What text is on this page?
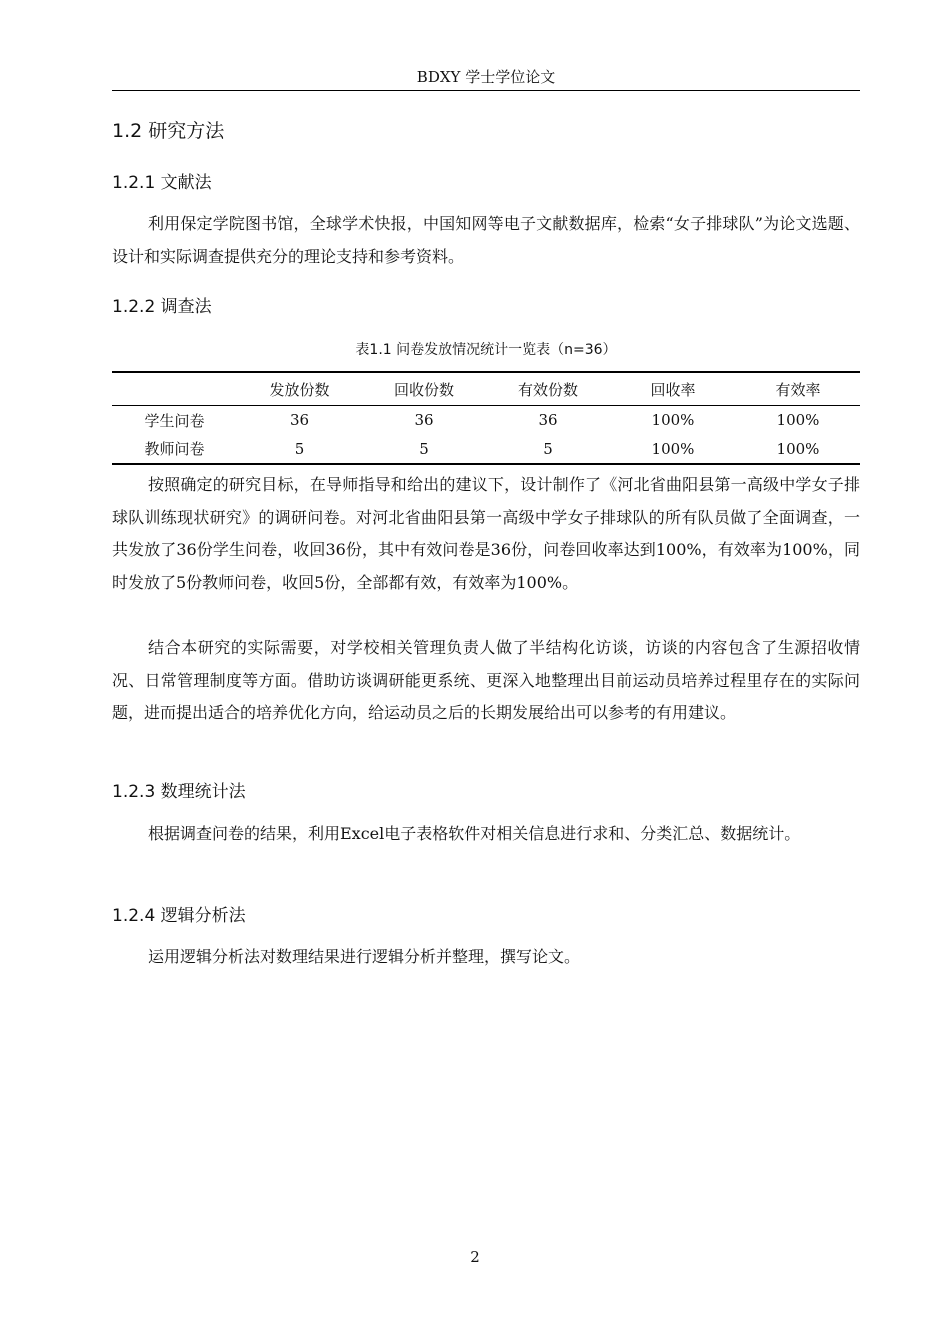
BDXY 学士学位论文
1.2 研究方法
1.2.1 文献法

利用保定学院图书馆，全球学术快报，中国知网等电子文献数据库，检索“女子排球队”为论文选题、设计和实际调查提供充分的理论支持和参考资料。

1.2.2 调查法
表1.1 问卷发放情况统计一览表（n=36）
	发放份数	回收份数	有效份数	回收率	有效率
学生问卷	36	36	36	100%	100%
教师问卷	5	5	5	100%	100%

按照确定的研究目标，在导师指导和给出的建议下，设计制作了《河北省曲阳县第一高级中学女子排球队训练现状研究》的调研问卷。对河北省曲阳县第一高级中学女子排球队的所有队员做了全面调查，一共发放了36份学生问卷，收回36份，其中有效问卷是36份，问卷回收率达到100%，有效率为100%，同时发放了5份教师问卷，收回5份，全部都有效，有效率为100%。

结合本研究的实际需要，对学校相关管理负责人做了半结构化访谈，访谈的内容包含了生源招收情况、日常管理制度等方面。借助访谈调研能更系统、更深入地整理出目前运动员培养过程里存在的实际问题，进而提出适合的培养优化方向，给运动员之后的长期发展给出可以参考的有用建议。

1.2.3 数理统计法

根据调查问卷的结果，利用Excel电子表格软件对相关信息进行求和、分类汇总、数据统计。

1.2.4 逻辑分析法

运用逻辑分析法对数理结果进行逻辑分析并整理，撰写论文。

2
